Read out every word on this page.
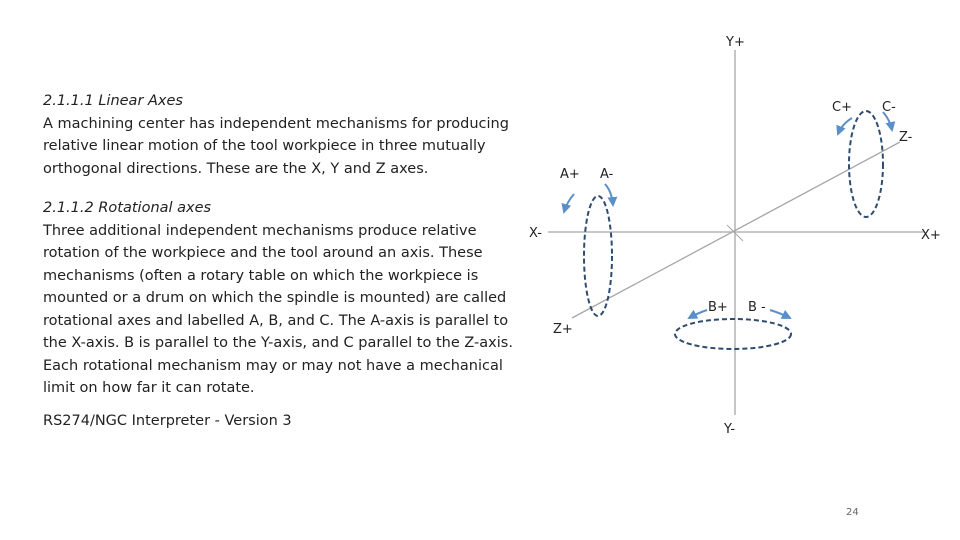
2.1.1.1 Linear Axes
A machining center has independent mechanisms for producing relative linear motion of the tool workpiece in three mutually orthogonal directions. These are the X, Y and Z axes.
2.1.1.2 Rotational axes
Three additional independent mechanisms produce relative rotation of the workpiece and the tool around an axis. These mechanisms (often a rotary table on which the workpiece is mounted or a drum on which the spindle is mounted) are called rotational axes and labelled A, B, and C. The A-axis is parallel to the X-axis. B is parallel to the Y-axis, and C parallel to the Z-axis. Each rotational mechanism may or may not have a mechanical limit on how far it can rotate.
RS274/NGC Interpreter - Version 3
24
Y+
Y-
X+
X-
Z+
Z-
A+ A-
B+ B -
C+ C-
